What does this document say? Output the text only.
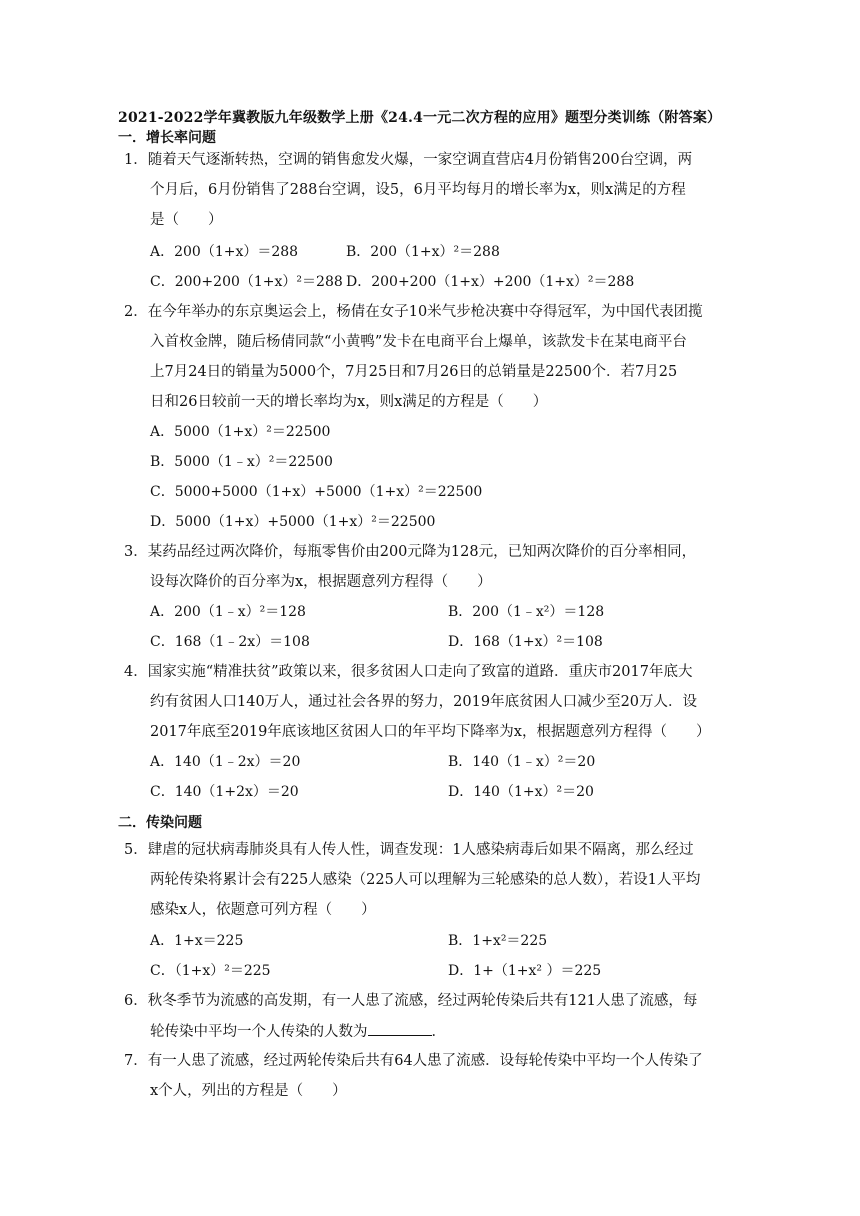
2021-2022学年冀教版九年级数学上册《24.4一元二次方程的应用》题型分类训练（附答案）
一．增长率问题
1．随着天气逐渐转热，空调的销售愈发火爆，一家空调直营店4月份销售200台空调，两
个月后，6月份销售了288台空调，设5，6月平均每月的增长率为x，则x满足的方程
是（　　）
A．200（1+x）＝288	B．200（1+x）²＝288
C．200+200（1+x）²＝288 D．200+200（1+x）+200（1+x）²＝288
2．在今年举办的东京奥运会上，杨倩在女子10米气步枪决赛中夺得冠军，为中国代表团揽
入首枚金牌，随后杨倩同款“小黄鸭”发卡在电商平台上爆单，该款发卡在某电商平台
上7月24日的销量为5000个，7月25日和7月26日的总销量是22500个．若7月25
日和26日较前一天的增长率均为x，则x满足的方程是（　　）
A．5000（1+x）²＝22500
B．5000（1﹣x）²＝22500
C．5000+5000（1+x）+5000（1+x）²＝22500
D．5000（1+x）+5000（1+x）²＝22500
3．某药品经过两次降价，每瓶零售价由200元降为128元，已知两次降价的百分率相同，
设每次降价的百分率为x，根据题意列方程得（　　）
A．200（1﹣x）²＝128	B．200（1﹣x²）＝128
C．168（1﹣2x）＝108	D．168（1+x）²＝108
4．国家实施“精准扶贫”政策以来，很多贫困人口走向了致富的道路．重庆市2017年底大
约有贫困人口140万人，通过社会各界的努力，2019年底贫困人口减少至20万人．设
2017年底至2019年底该地区贫困人口的年平均下降率为x，根据题意列方程得（　　）
A．140（1﹣2x）＝20	B．140（1﹣x）²＝20
C．140（1+2x）＝20	D．140（1+x）²＝20
二．传染问题
5．肆虐的冠状病毒肺炎具有人传人性，调查发现：1人感染病毒后如果不隔离，那么经过
两轮传染将累计会有225人感染（225人可以理解为三轮感染的总人数），若设1人平均
感染x人，依题意可列方程（　　）
A．1+x＝225	B．1+x²＝225
C．（1+x）²＝225	D．1+（1+x² ）＝225
6．秋冬季节为流感的高发期，有一人患了流感，经过两轮传染后共有121人患了流感，每
轮传染中平均一个人传染的人数为	．
7．有一人患了流感，经过两轮传染后共有64人患了流感．设每轮传染中平均一个人传染了
x个人，列出的方程是（　　）
